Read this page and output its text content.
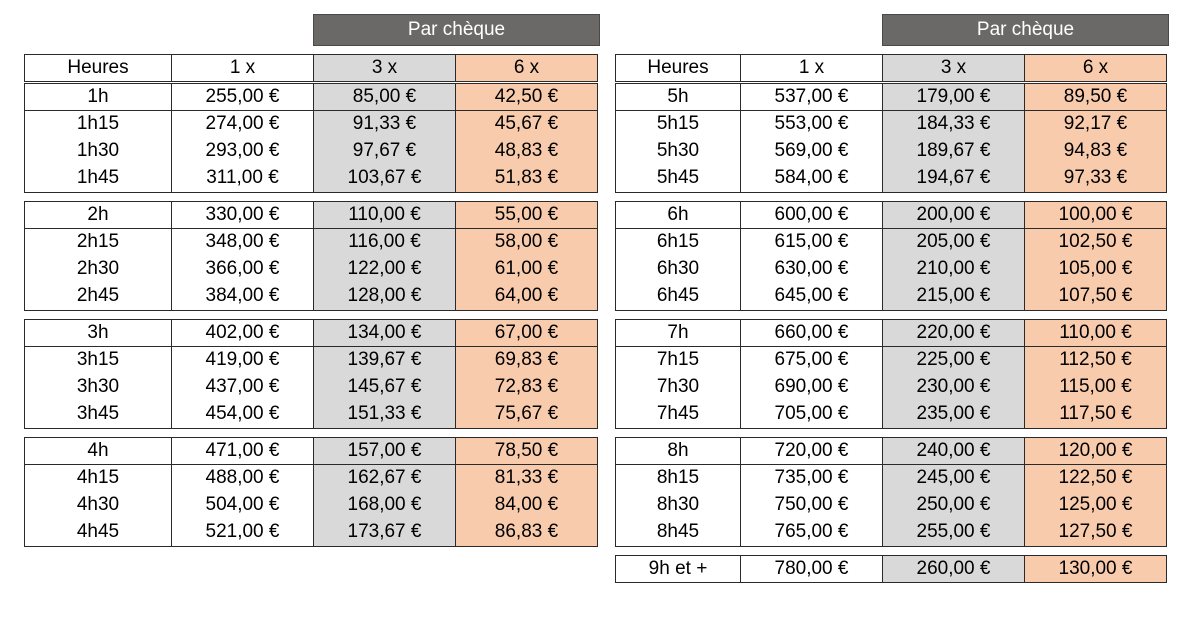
Par chèque
Heures	1 x	3 x	6 x
1h	255,00 €	85,00 €	42,50 €
1h15	274,00 €	91,33 €	45,67 €
1h30	293,00 €	97,67 €	48,83 €
1h45	311,00 €	103,67 €	51,83 €
2h	330,00 €	110,00 €	55,00 €
2h15	348,00 €	116,00 €	58,00 €
2h30	366,00 €	122,00 €	61,00 €
2h45	384,00 €	128,00 €	64,00 €
3h	402,00 €	134,00 €	67,00 €
3h15	419,00 €	139,67 €	69,83 €
3h30	437,00 €	145,67 €	72,83 €
3h45	454,00 €	151,33 €	75,67 €
4h	471,00 €	157,00 €	78,50 €
4h15	488,00 €	162,67 €	81,33 €
4h30	504,00 €	168,00 €	84,00 €
4h45	521,00 €	173,67 €	86,83 €
Par chèque
Heures	1 x	3 x	6 x
5h	537,00 €	179,00 €	89,50 €
5h15	553,00 €	184,33 €	92,17 €
5h30	569,00 €	189,67 €	94,83 €
5h45	584,00 €	194,67 €	97,33 €
6h	600,00 €	200,00 €	100,00 €
6h15	615,00 €	205,00 €	102,50 €
6h30	630,00 €	210,00 €	105,00 €
6h45	645,00 €	215,00 €	107,50 €
7h	660,00 €	220,00 €	110,00 €
7h15	675,00 €	225,00 €	112,50 €
7h30	690,00 €	230,00 €	115,00 €
7h45	705,00 €	235,00 €	117,50 €
8h	720,00 €	240,00 €	120,00 €
8h15	735,00 €	245,00 €	122,50 €
8h30	750,00 €	250,00 €	125,00 €
8h45	765,00 €	255,00 €	127,50 €
9h et +	780,00 €	260,00 €	130,00 €
